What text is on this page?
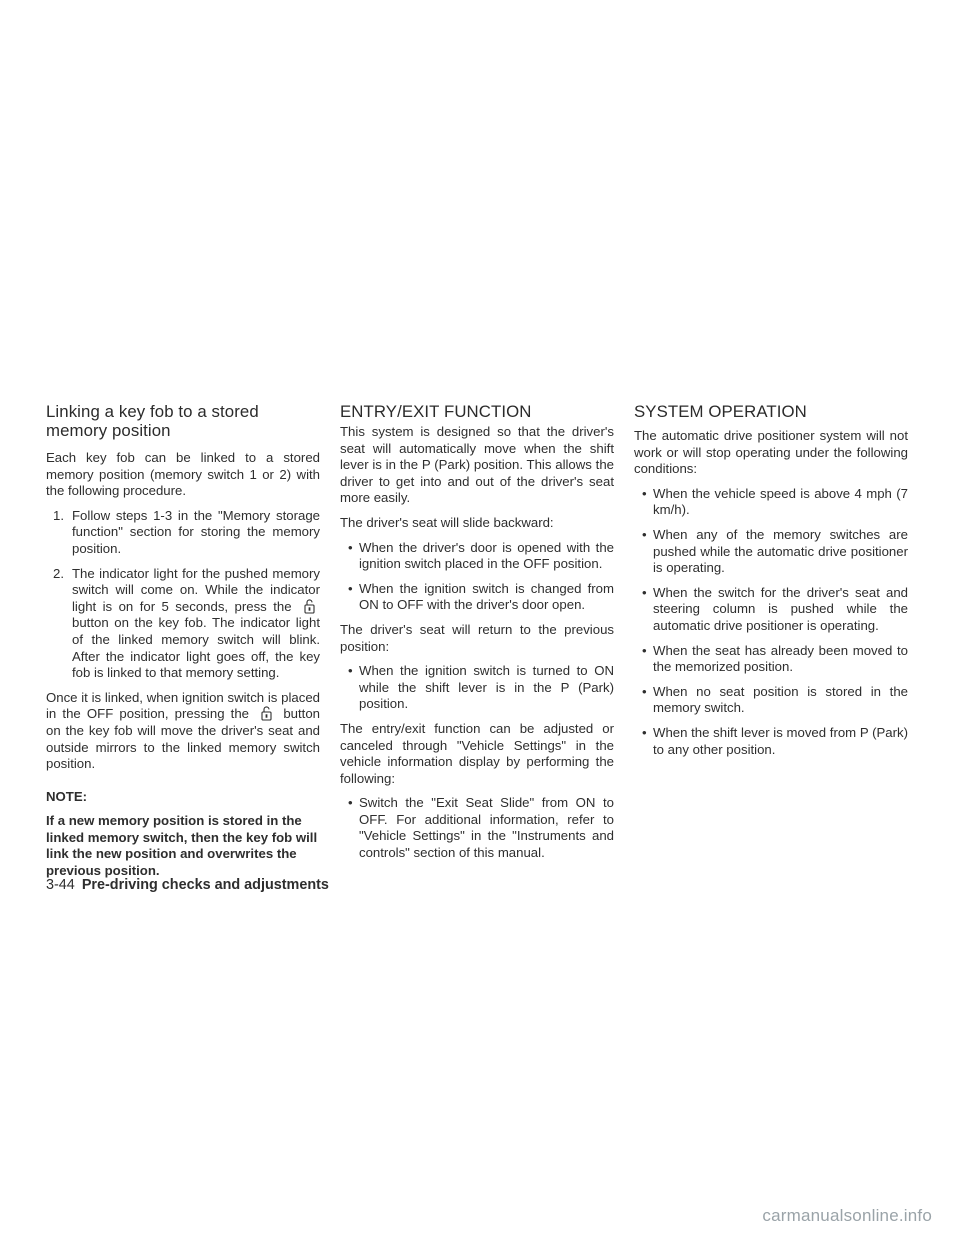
Linking a key fob to a stored
memory position

Each key fob can be linked to a stored memory position (memory switch 1 or 2) with the following procedure.

1. Follow steps 1-3 in the "Memory storage function" section for storing the memory position.
2. The indicator light for the pushed memory switch will come on. While the indicator light is on for 5 seconds, press the
button on the key fob. The indicator light of the linked memory switch will blink. After the indicator light goes off, the key fob is linked to that memory setting.

Once it is linked, when ignition switch is placed in the OFF position, pressing the	button on the key fob will move the driver's seat and outside mirrors to the linked memory switch position.

NOTE:

If a new memory position is stored in the linked memory switch, then the key fob will link the new position and overwrites the previous position.

ENTRY/EXIT FUNCTION

This system is designed so that the driver's seat will automatically move when the shift lever is in the P (Park) position. This allows the driver to get into and out of the driver's seat more easily.

The driver's seat will slide backward:

• When the driver's door is opened with the ignition switch placed in the OFF position.
• When the ignition switch is changed from ON to OFF with the driver's door open.

The driver's seat will return to the previous position:

• When the ignition switch is turned to ON while the shift lever is in the P (Park) position.

The entry/exit function can be adjusted or canceled through "Vehicle Settings" in the vehicle information display by performing the following:

• Switch the "Exit Seat Slide" from ON to OFF. For additional information, refer to "Vehicle Settings" in the "Instruments and controls" section of this manual.
SYSTEM OPERATION

The automatic drive positioner system will not work or will stop operating under the following conditions:

• When the vehicle speed is above 4 mph (7 km/h).
• When any of the memory switches are pushed while the automatic drive positioner is operating.
• When the switch for the driver's seat and steering column is pushed while the automatic drive positioner is operating.
• When the seat has already been moved to the memorized position.
• When no seat position is stored in the memory switch.
• When the shift lever is moved from P (Park) to any other position.
3-44 Pre-driving checks and adjustments
carmanualsonline.info
